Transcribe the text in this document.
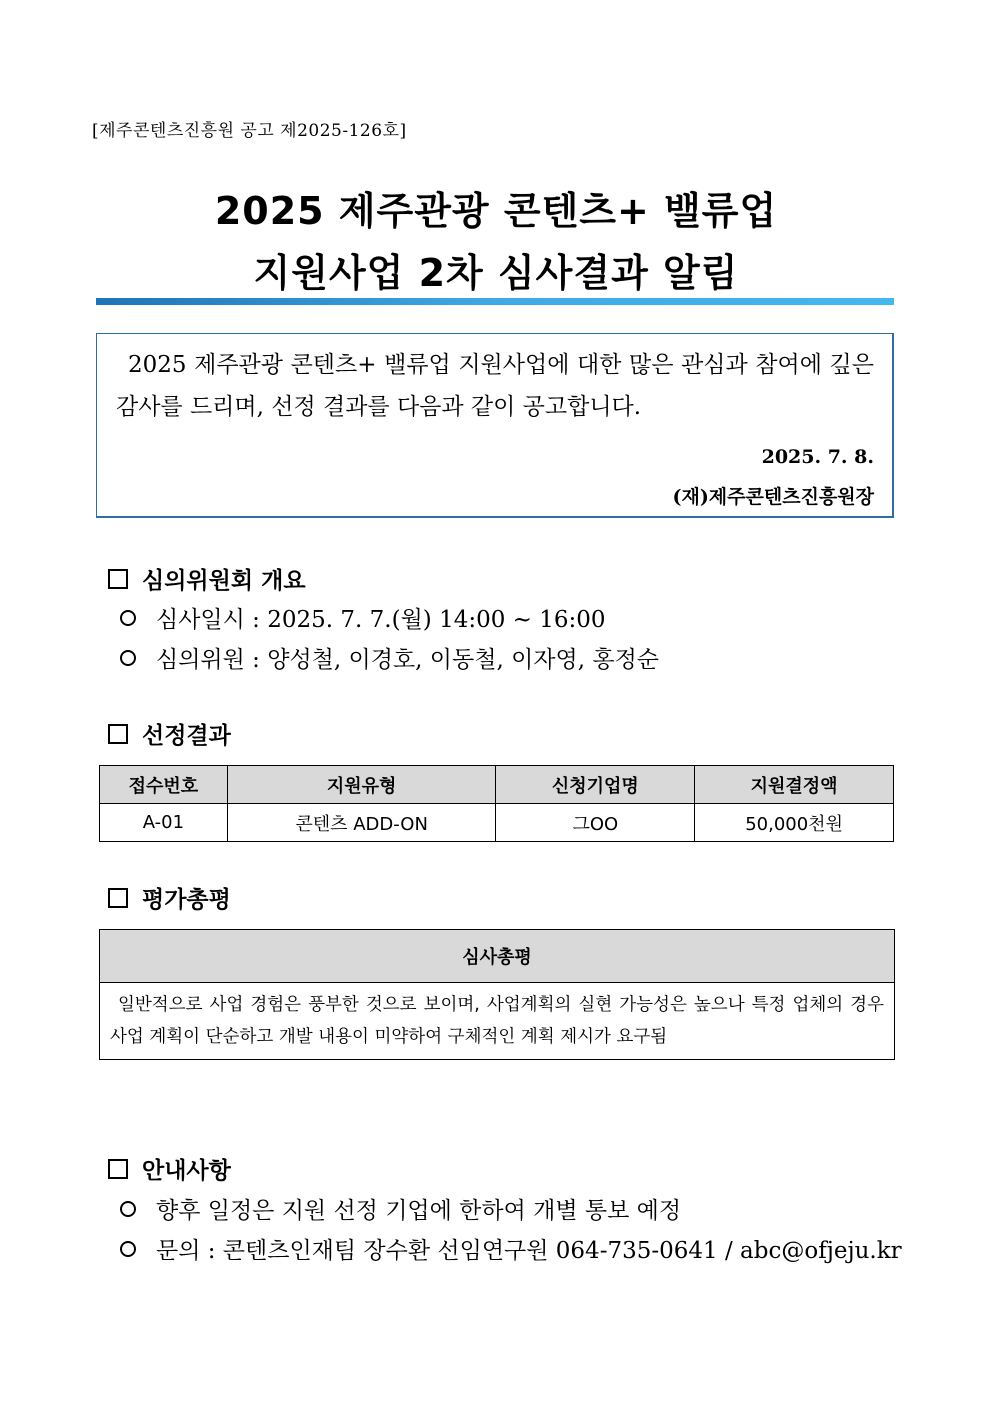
[제주콘텐츠진흥원 공고 제2025-126호]
2025 제주관광 콘텐츠+ 밸류업
지원사업 2차 심사결과 알림
2025 제주관광 콘텐츠+ 밸류업 지원사업에 대한 많은 관심과 참여에 깊은 감사를 드리며, 선정 결과를 다음과 같이 공고합니다.
2025. 7. 8.
(재)제주콘텐츠진흥원장
심의위원회 개요
심사일시 : 2025. 7. 7.(월) 14:00 ~ 16:00
심의위원 : 양성철, 이경호, 이동철, 이자영, 홍정순
선정결과
접수번호	지원유형	신청기업명	지원결정액
A-01	콘텐츠 ADD-ON	그OO	50,000천원
평가총평
심사총평
일반적으로 사업 경험은 풍부한 것으로 보이며, 사업계획의 실현 가능성은 높으나 특정 업체의 경우 사업 계획이 단순하고 개발 내용이 미약하여 구체적인 계획 제시가 요구됨
안내사항
향후 일정은 지원 선정 기업에 한하여 개별 통보 예정
문의 : 콘텐츠인재팀 장수환 선임연구원 064-735-0641 / abc@ofjeju.kr
